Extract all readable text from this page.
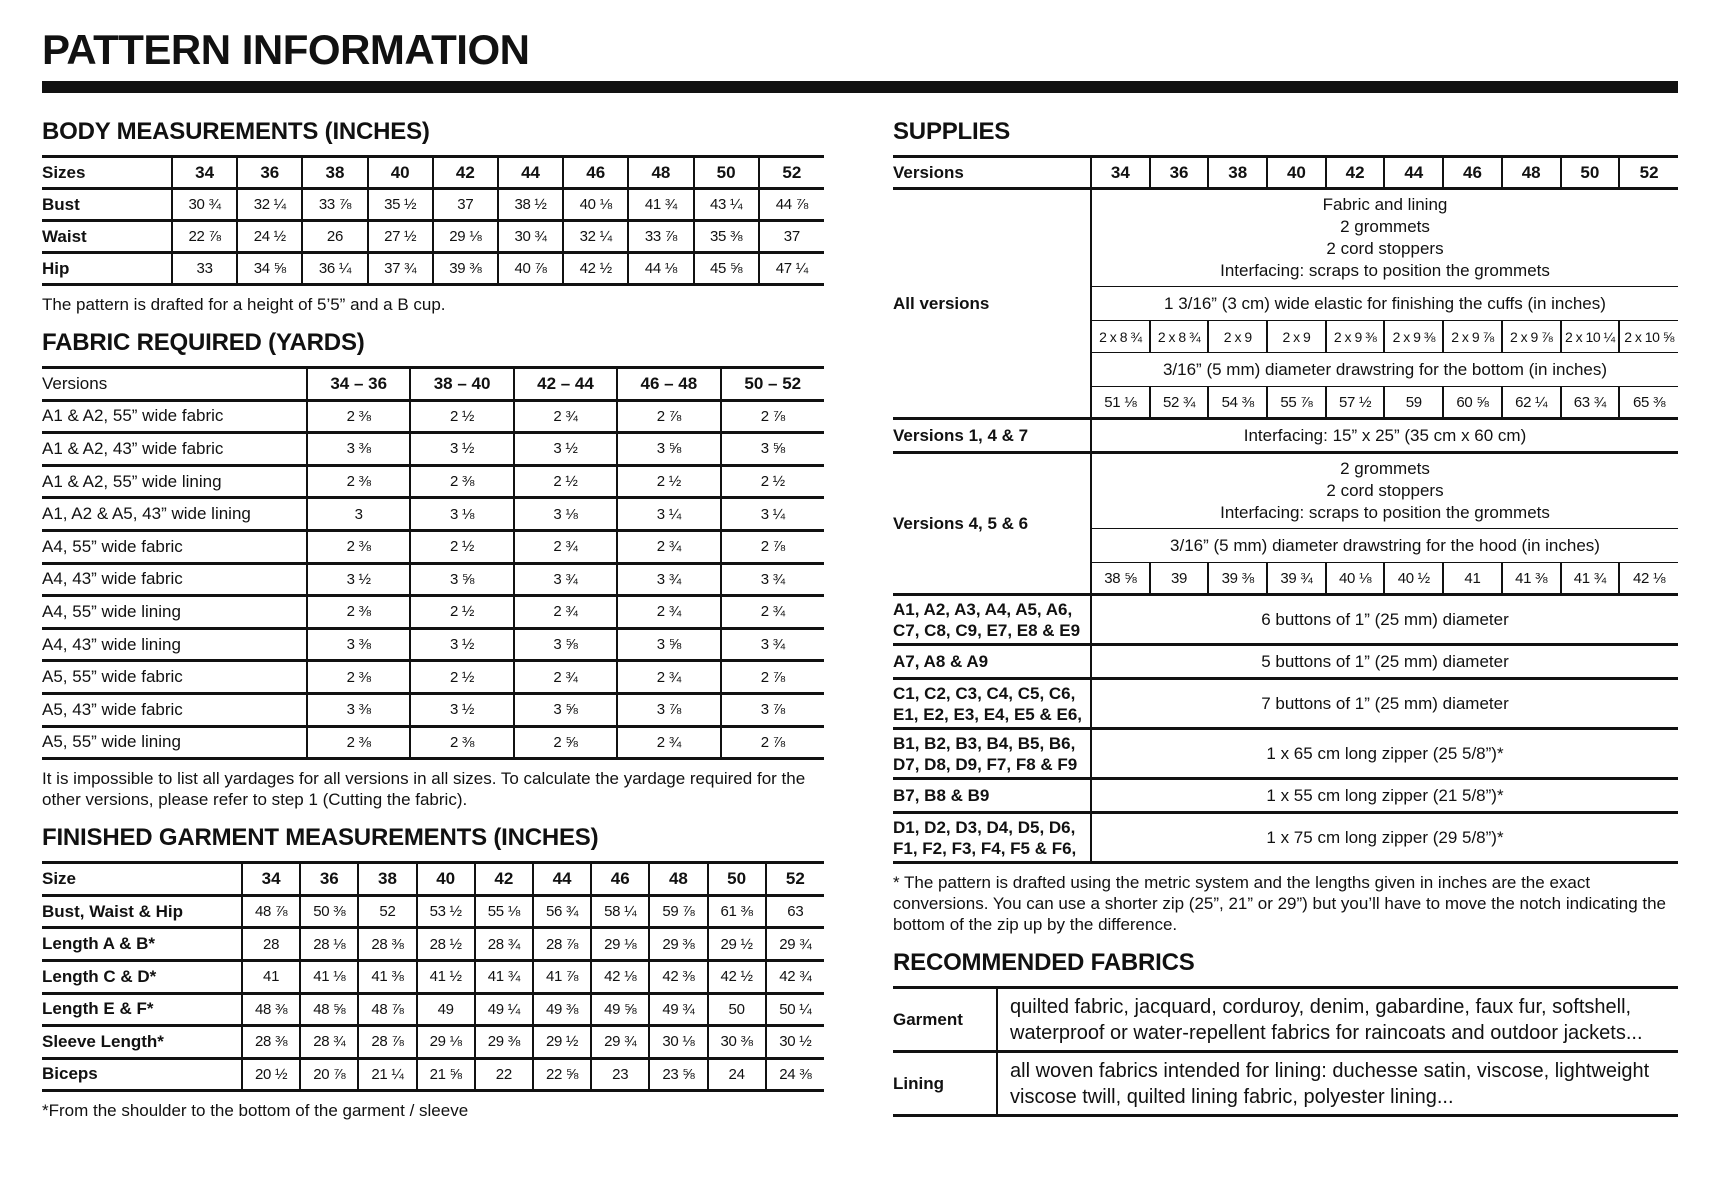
PATTERN INFORMATION
BODY MEASUREMENTS (INCHES)
Sizes	34	36	38	40	42	44	46	48	50	52
Bust	30 ¾	32 ¼	33 ⅞	35 ½	37	38 ½	40 ⅛	41 ¾	43 ¼	44 ⅞
Waist	22 ⅞	24 ½	26	27 ½	29 ⅛	30 ¾	32 ¼	33 ⅞	35 ⅜	37
Hip	33	34 ⅝	36 ¼	37 ¾	39 ⅜	40 ⅞	42 ½	44 ⅛	45 ⅝	47 ¼
The pattern is drafted for a height of 5’5” and a B cup.
FABRIC REQUIRED (YARDS)
Versions	34 – 36	38 – 40	42 – 44	46 – 48	50 – 52
A1 & A2, 55” wide fabric	2 ⅜	2 ½	2 ¾	2 ⅞	2 ⅞
A1 & A2, 43” wide fabric	3 ⅜	3 ½	3 ½	3 ⅝	3 ⅝
A1 & A2, 55” wide lining	2 ⅜	2 ⅜	2 ½	2 ½	2 ½
A1, A2 & A5, 43” wide lining	3	3 ⅛	3 ⅛	3 ¼	3 ¼
A4, 55” wide fabric	2 ⅜	2 ½	2 ¾	2 ¾	2 ⅞
A4, 43” wide fabric	3 ½	3 ⅝	3 ¾	3 ¾	3 ¾
A4, 55” wide lining	2 ⅜	2 ½	2 ¾	2 ¾	2 ¾
A4, 43” wide lining	3 ⅜	3 ½	3 ⅝	3 ⅝	3 ¾
A5, 55” wide fabric	2 ⅜	2 ½	2 ¾	2 ¾	2 ⅞
A5, 43” wide fabric	3 ⅜	3 ½	3 ⅝	3 ⅞	3 ⅞
A5, 55” wide lining	2 ⅜	2 ⅜	2 ⅝	2 ¾	2 ⅞
It is impossible to list all yardages for all versions in all sizes. To calculate the yardage required for the other versions, please refer to step 1 (Cutting the fabric).
FINISHED GARMENT MEASUREMENTS (INCHES)
Size	34	36	38	40	42	44	46	48	50	52
Bust, Waist & Hip	48 ⅞	50 ⅜	52	53 ½	55 ⅛	56 ¾	58 ¼	59 ⅞	61 ⅜	63
Length A & B*	28	28 ⅛	28 ⅜	28 ½	28 ¾	28 ⅞	29 ⅛	29 ⅜	29 ½	29 ¾
Length C & D*	41	41 ⅛	41 ⅜	41 ½	41 ¾	41 ⅞	42 ⅛	42 ⅜	42 ½	42 ¾
Length E & F*	48 ⅜	48 ⅝	48 ⅞	49	49 ¼	49 ⅜	49 ⅝	49 ¾	50	50 ¼
Sleeve Length*	28 ⅜	28 ¾	28 ⅞	29 ⅛	29 ⅜	29 ½	29 ¾	30 ⅛	30 ⅜	30 ½
Biceps	20 ½	20 ⅞	21 ¼	21 ⅝	22	22 ⅝	23	23 ⅝	24	24 ⅜
*From the shoulder to the bottom of the garment / sleeve
SUPPLIES
Versions	34	36	38	40	42	44	46	48	50	52
All versions	Fabric and lining
2 grommets
2 cord stoppers
Interfacing: scraps to position the grommets									

	1 3/16” (3 cm) wide elastic for finishing the cuffs (in inches)									
	2 x 8 ¾	2 x 8 ¾	2 x 9	2 x 9	2 x 9 ⅜	2 x 9 ⅜	2 x 9 ⅞	2 x 9 ⅞	2 x 10 ¼	2 x 10 ⅝
	3/16” (5 mm) diameter drawstring for the bottom (in inches)									
	51 ⅛	52 ¾	54 ⅜	55 ⅞	57 ½	59	60 ⅝	62 ¼	63 ¾	65 ⅜
Versions 1, 4 & 7	Interfacing: 15” x 25” (35 cm x 60 cm)									
Versions 4, 5 & 6	2 grommets
2 cord stoppers
Interfacing: scraps to position the grommets									

	3/16” (5 mm) diameter drawstring for the hood (in inches)									
	38 ⅝	39	39 ⅜	39 ¾	40 ⅛	40 ½	41	41 ⅜	41 ¾	42 ⅛

A1, A2, A3, A4, A5, A6,
C7, C8, C9, E7, E8 & E9	6 buttons of 1” (25 mm) diameter									

A7, A8 & A9	5 buttons of 1” (25 mm) diameter									

C1, C2, C3, C4, C5, C6,
E1, E2, E3, E4, E5 & E6,	7 buttons of 1” (25 mm) diameter									

B1, B2, B3, B4, B5, B6,
D7, D8, D9, F7, F8 & F9	1 x 65 cm long zipper (25 5/8”)*									

B7, B8 & B9	1 x 55 cm long zipper (21 5/8”)*									

D1, D2, D3, D4, D5, D6,
F1, F2, F3, F4, F5 & F6,	1 x 75 cm long zipper (29 5/8”)*									
* The pattern is drafted using the metric system and the lengths given in inches are the exact conversions. You can use a shorter zip (25”, 21” or 29”) but you’ll have to move the notch indicating the bottom of the zip up by the difference.
RECOMMENDED FABRICS
Garment	quilted fabric, jacquard, corduroy, denim, gabardine, faux fur, softshell, waterproof or water-repellent fabrics for raincoats and outdoor jackets...
Lining	all woven fabrics intended for lining: duchesse satin, viscose, lightweight viscose twill, quilted lining fabric, polyester lining...
